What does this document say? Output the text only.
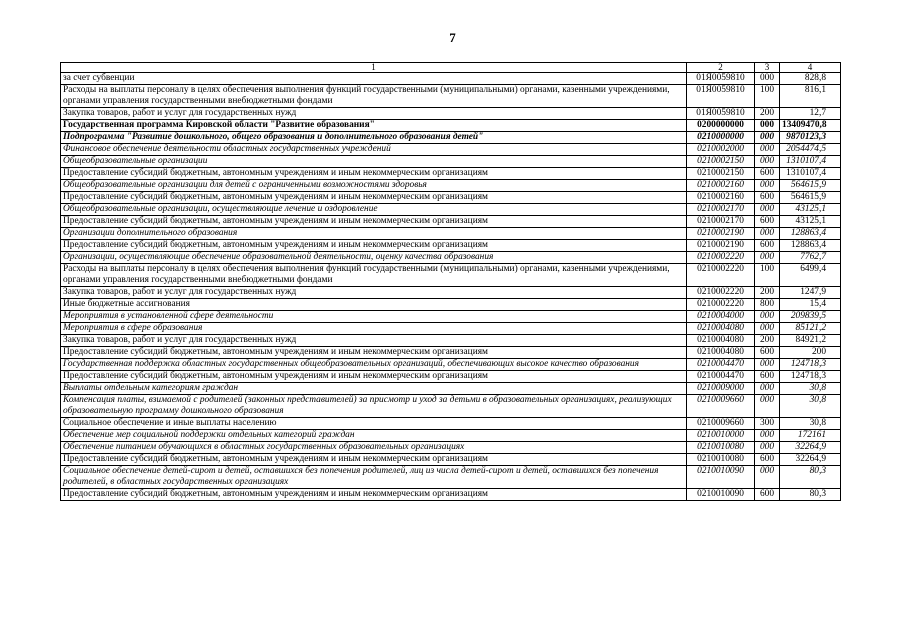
7
1	2	3	4
за счет субвенции	01Я0059810	000	828,8
Расходы на выплаты персоналу в целях обеспечения выполнения функций государственными (муниципальными) органами, казенными учреждениями, органами управления государственными внебюджетными фондами	01Я0059810	100	816,1
Закупка товаров, работ и услуг для государственных нужд	01Я0059810	200	12,7
Государственная программа Кировской области "Развитие образования"	0200000000	000	13409470,8
Подпрограмма "Развитие дошкольного, общего образования и дополнительного образования детей"	0210000000	000	9870123,3
Финансовое обеспечение деятельности областных государственных учреждений	0210002000	000	2054474,5
Общеобразовательные организации	0210002150	000	1310107,4
Предоставление субсидий бюджетным, автономным учреждениям и иным некоммерческим организациям	0210002150	600	1310107,4
Общеобразовательные организации для детей с ограниченными возможностями здоровья	0210002160	000	564615,9
Предоставление субсидий бюджетным, автономным учреждениям и иным некоммерческим организациям	0210002160	600	564615,9
Общеобразовательные организации, осуществляющие лечение и оздоровление	0210002170	000	43125,1
Предоставление субсидий бюджетным, автономным учреждениям и иным некоммерческим организациям	0210002170	600	43125,1
Организации дополнительного образования	0210002190	000	128863,4
Предоставление субсидий бюджетным, автономным учреждениям и иным некоммерческим организациям	0210002190	600	128863,4
Организации, осуществляющие обеспечение образовательной деятельности, оценку качества образования	0210002220	000	7762,7
Расходы на выплаты персоналу в целях обеспечения выполнения функций государственными (муниципальными) органами, казенными учреждениями, органами управления государственными внебюджетными фондами	0210002220	100	6499,4
Закупка товаров, работ и услуг для государственных нужд	0210002220	200	1247,9
Иные бюджетные ассигнования	0210002220	800	15,4
Мероприятия в установленной сфере деятельности	0210004000	000	209839,5
Мероприятия в сфере образования	0210004080	000	85121,2
Закупка товаров, работ и услуг для государственных нужд	0210004080	200	84921,2
Предоставление субсидий бюджетным, автономным учреждениям и иным некоммерческим организациям	0210004080	600	200
Государственная поддержка областных государственных общеобразовательных организаций, обеспечивающих высокое качество образования	0210004470	000	124718,3
Предоставление субсидий бюджетным, автономным учреждениям и иным некоммерческим организациям	0210004470	600	124718,3
Выплаты отдельным категориям граждан	0210009000	000	30,8
Компенсация платы, взимаемой с родителей (законных представителей) за присмотр и уход за детьми в образовательных организациях, реализующих образовательную программу дошкольного образования	0210009660	000	30,8
Социальное обеспечение и иные выплаты населению	0210009660	300	30,8
Обеспечение мер социальной поддержки отдельных категорий граждан	0210010000	000	172161
Обеспечение питанием обучающихся в областных государственных образовательных организациях	0210010080	000	32264,9
Предоставление субсидий бюджетным, автономным учреждениям и иным некоммерческим организациям	0210010080	600	32264,9
Социальное обеспечение детей-сирот и детей, оставшихся без попечения родителей, лиц из числа детей-сирот и детей, оставшихся без попечения родителей, в областных государственных организациях	0210010090	000	80,3
Предоставление субсидий бюджетным, автономным учреждениям и иным некоммерческим организациям	0210010090	600	80,3
